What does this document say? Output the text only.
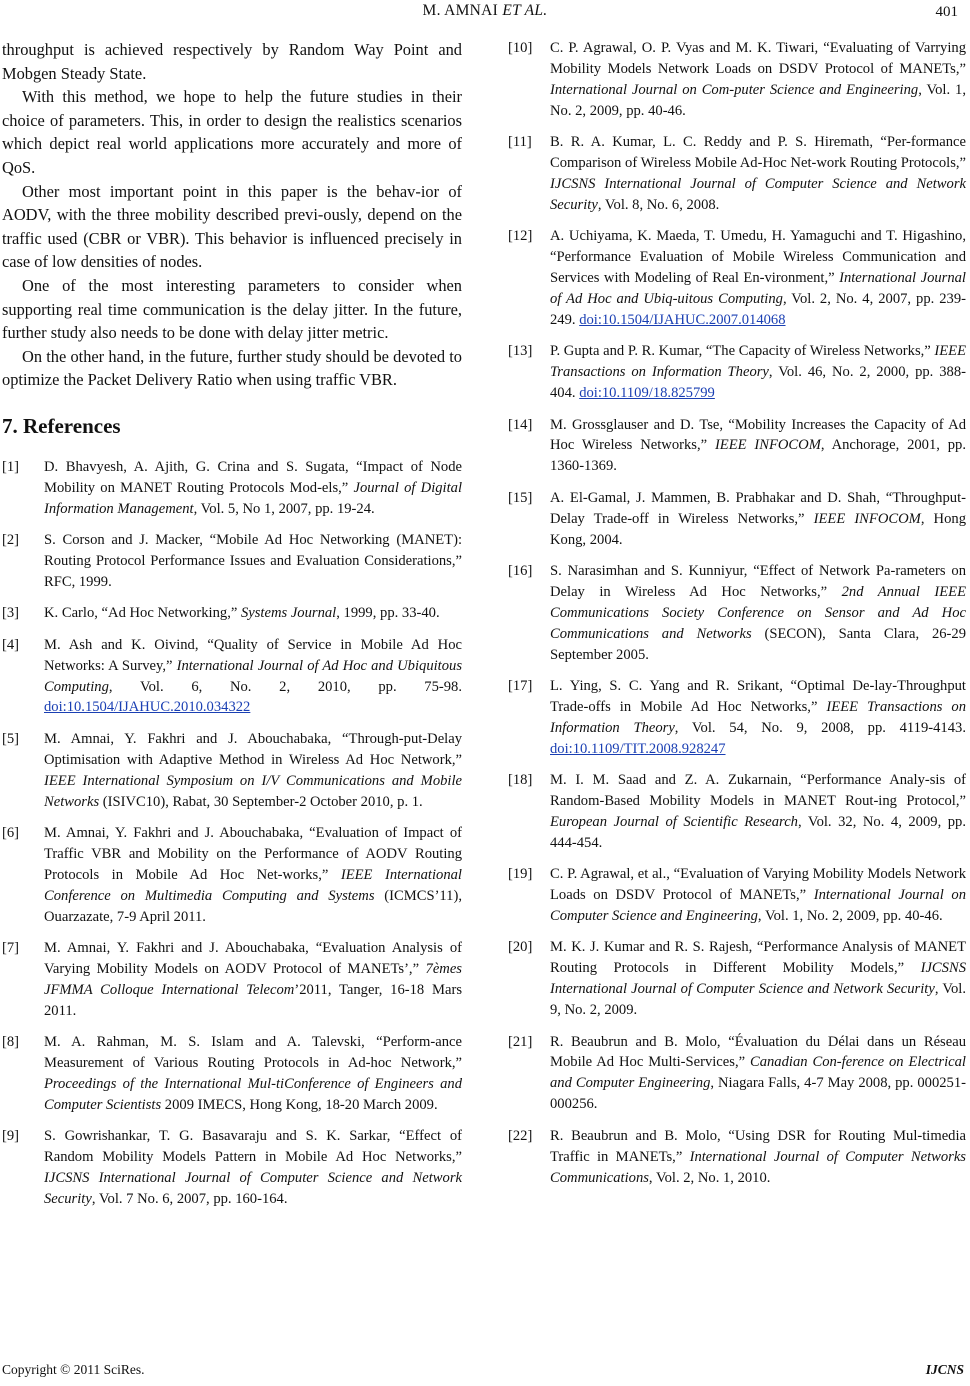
M. AMNAI ET AL.	401

throughput is achieved respectively by Random Way Point and Mobgen Steady State.

With this method, we hope to help the future studies in their choice of parameters. This, in order to design the realistics scenarios which depict real world applications more accurately and more of QoS.

Other most important point in this paper is the behav-ior of AODV, with the three mobility described previ-ously, depend on the traffic used (CBR or VBR). This behavior is influenced precisely in case of low densities of nodes.

One of the most interesting parameters to consider when supporting real time communication is the delay jitter. In the future, further study also needs to be done with delay jitter metric.

On the other hand, in the future, further study should be devoted to optimize the Packet Delivery Ratio when using traffic VBR.

7. References
[1]	D. Bhavyesh, A. Ajith, G. Crina and S. Sugata, “Impact of Node Mobility on MANET Routing Protocols Mod-els,” Journal of Digital Information Management, Vol. 5, No 1, 2007, pp. 19-24.
[2]	S. Corson and J. Macker, “Mobile Ad Hoc Networking (MANET): Routing Protocol Performance Issues and Evaluation Considerations,” RFC, 1999.
[3]	K. Carlo, “Ad Hoc Networking,” Systems Journal, 1999, pp. 33-40.
[4]	M. Ash and K. Oivind, “Quality of Service in Mobile Ad Hoc Networks: A Survey,” International Journal of Ad Hoc and Ubiquitous Computing, Vol. 6, No. 2, 2010, pp. 75-98. doi:10.1504/IJAHUC.2010.034322
[5]	M. Amnai, Y. Fakhri and J. Abouchabaka, “Through-put-Delay Optimisation with Adaptive Method in Wireless Ad Hoc Network,” IEEE International Symposium on I/V Communications and Mobile Networks (ISIVC10), Rabat, 30 September-2 October 2010, p. 1.
[6]	M. Amnai, Y. Fakhri and J. Abouchabaka, “Evaluation of Impact of Traffic VBR and Mobility on the Performance of AODV Routing Protocols in Mobile Ad Hoc Net-works,” IEEE International Conference on Multimedia Computing and Systems (ICMCS’11), Ouarzazate, 7-9 April 2011.
[7]	M. Amnai, Y. Fakhri and J. Abouchabaka, “Evaluation Analysis of Varying Mobility Models on AODV Protocol of MANETs’,” 7èmes JFMMA Colloque International Telecom’2011, Tanger, 16-18 Mars 2011.
[8]	M. A. Rahman, M. S. Islam and A. Talevski, “Perform-ance Measurement of Various Routing Protocols in Ad-hoc Network,” Proceedings of the International Mul-tiConference of Engineers and Computer Scientists 2009 IMECS, Hong Kong, 18-20 March 2009.
[9]	S. Gowrishankar, T. G. Basavaraju and S. K. Sarkar, “Effect of Random Mobility Models Pattern in Mobile Ad Hoc Networks,” IJCSNS International Journal of Computer Science and Network Security, Vol. 7 No. 6, 2007, pp. 160-164.
[10]	C. P. Agrawal, O. P. Vyas and M. K. Tiwari, “Evaluating of Varrying Mobility Models Network Loads on DSDV Protocol of MANETs,” International Journal on Com-puter Science and Engineering, Vol. 1, No. 2, 2009, pp. 40-46.
[11]	B. R. A. Kumar, L. C. Reddy and P. S. Hiremath, “Per-formance Comparison of Wireless Mobile Ad-Hoc Net-work Routing Protocols,” IJCSNS International Journal of Computer Science and Network Security, Vol. 8, No. 6, 2008.
[12]	A. Uchiyama, K. Maeda, T. Umedu, H. Yamaguchi and T. Higashino, “Performance Evaluation of Mobile Wireless Communication and Services with Modeling of Real En-vironment,” International Journal of Ad Hoc and Ubiq-uitous Computing, Vol. 2, No. 4, 2007, pp. 239-249. doi:10.1504/IJAHUC.2007.014068
[13]	P. Gupta and P. R. Kumar, “The Capacity of Wireless Networks,” IEEE Transactions on Information Theory, Vol. 46, No. 2, 2000, pp. 388-404. doi:10.1109/18.825799
[14]	M. Grossglauser and D. Tse, “Mobility Increases the Capacity of Ad Hoc Wireless Networks,” IEEE INFOCOM, Anchorage, 2001, pp. 1360-1369.
[15]	A. El-Gamal, J. Mammen, B. Prabhakar and D. Shah, “Throughput-Delay Trade-off in Wireless Networks,” IEEE INFOCOM, Hong Kong, 2004.
[16]	S. Narasimhan and S. Kunniyur, “Effect of Network Pa-rameters on Delay in Wireless Ad Hoc Networks,” 2nd Annual IEEE Communications Society Conference on Sensor and Ad Hoc Communications and Networks (SECON), Santa Clara, 26-29 September 2005.
[17]	L. Ying, S. C. Yang and R. Srikant, “Optimal De-lay-Throughput Trade-offs in Mobile Ad Hoc Networks,” IEEE Transactions on Information Theory, Vol. 54, No. 9, 2008, pp. 4119-4143. doi:10.1109/TIT.2008.928247
[18]	M. I. M. Saad and Z. A. Zukarnain, “Performance Analy-sis of Random-Based Mobility Models in MANET Rout-ing Protocol,” European Journal of Scientific Research, Vol. 32, No. 4, 2009, pp. 444-454.
[19]	C. P. Agrawal, et al., “Evaluation of Varying Mobility Models Network Loads on DSDV Protocol of MANETs,” International Journal on Computer Science and Engineering, Vol. 1, No. 2, 2009, pp. 40-46.
[20]	M. K. J. Kumar and R. S. Rajesh, “Performance Analysis of MANET Routing Protocols in Different Mobility Models,” IJCSNS International Journal of Computer Science and Network Security, Vol. 9, No. 2, 2009.
[21]	R. Beaubrun and B. Molo, “Évaluation du Délai dans un Réseau Mobile Ad Hoc Multi-Services,” Canadian Con-ference on Electrical and Computer Engineering, Niagara Falls, 4-7 May 2008, pp. 000251-000256.
[22]	R. Beaubrun and B. Molo, “Using DSR for Routing Mul-timedia Traffic in MANETs,” International Journal of Computer Networks Communications, Vol. 2, No. 1, 2010.
Copyright © 2011 SciRes.	IJCNS
